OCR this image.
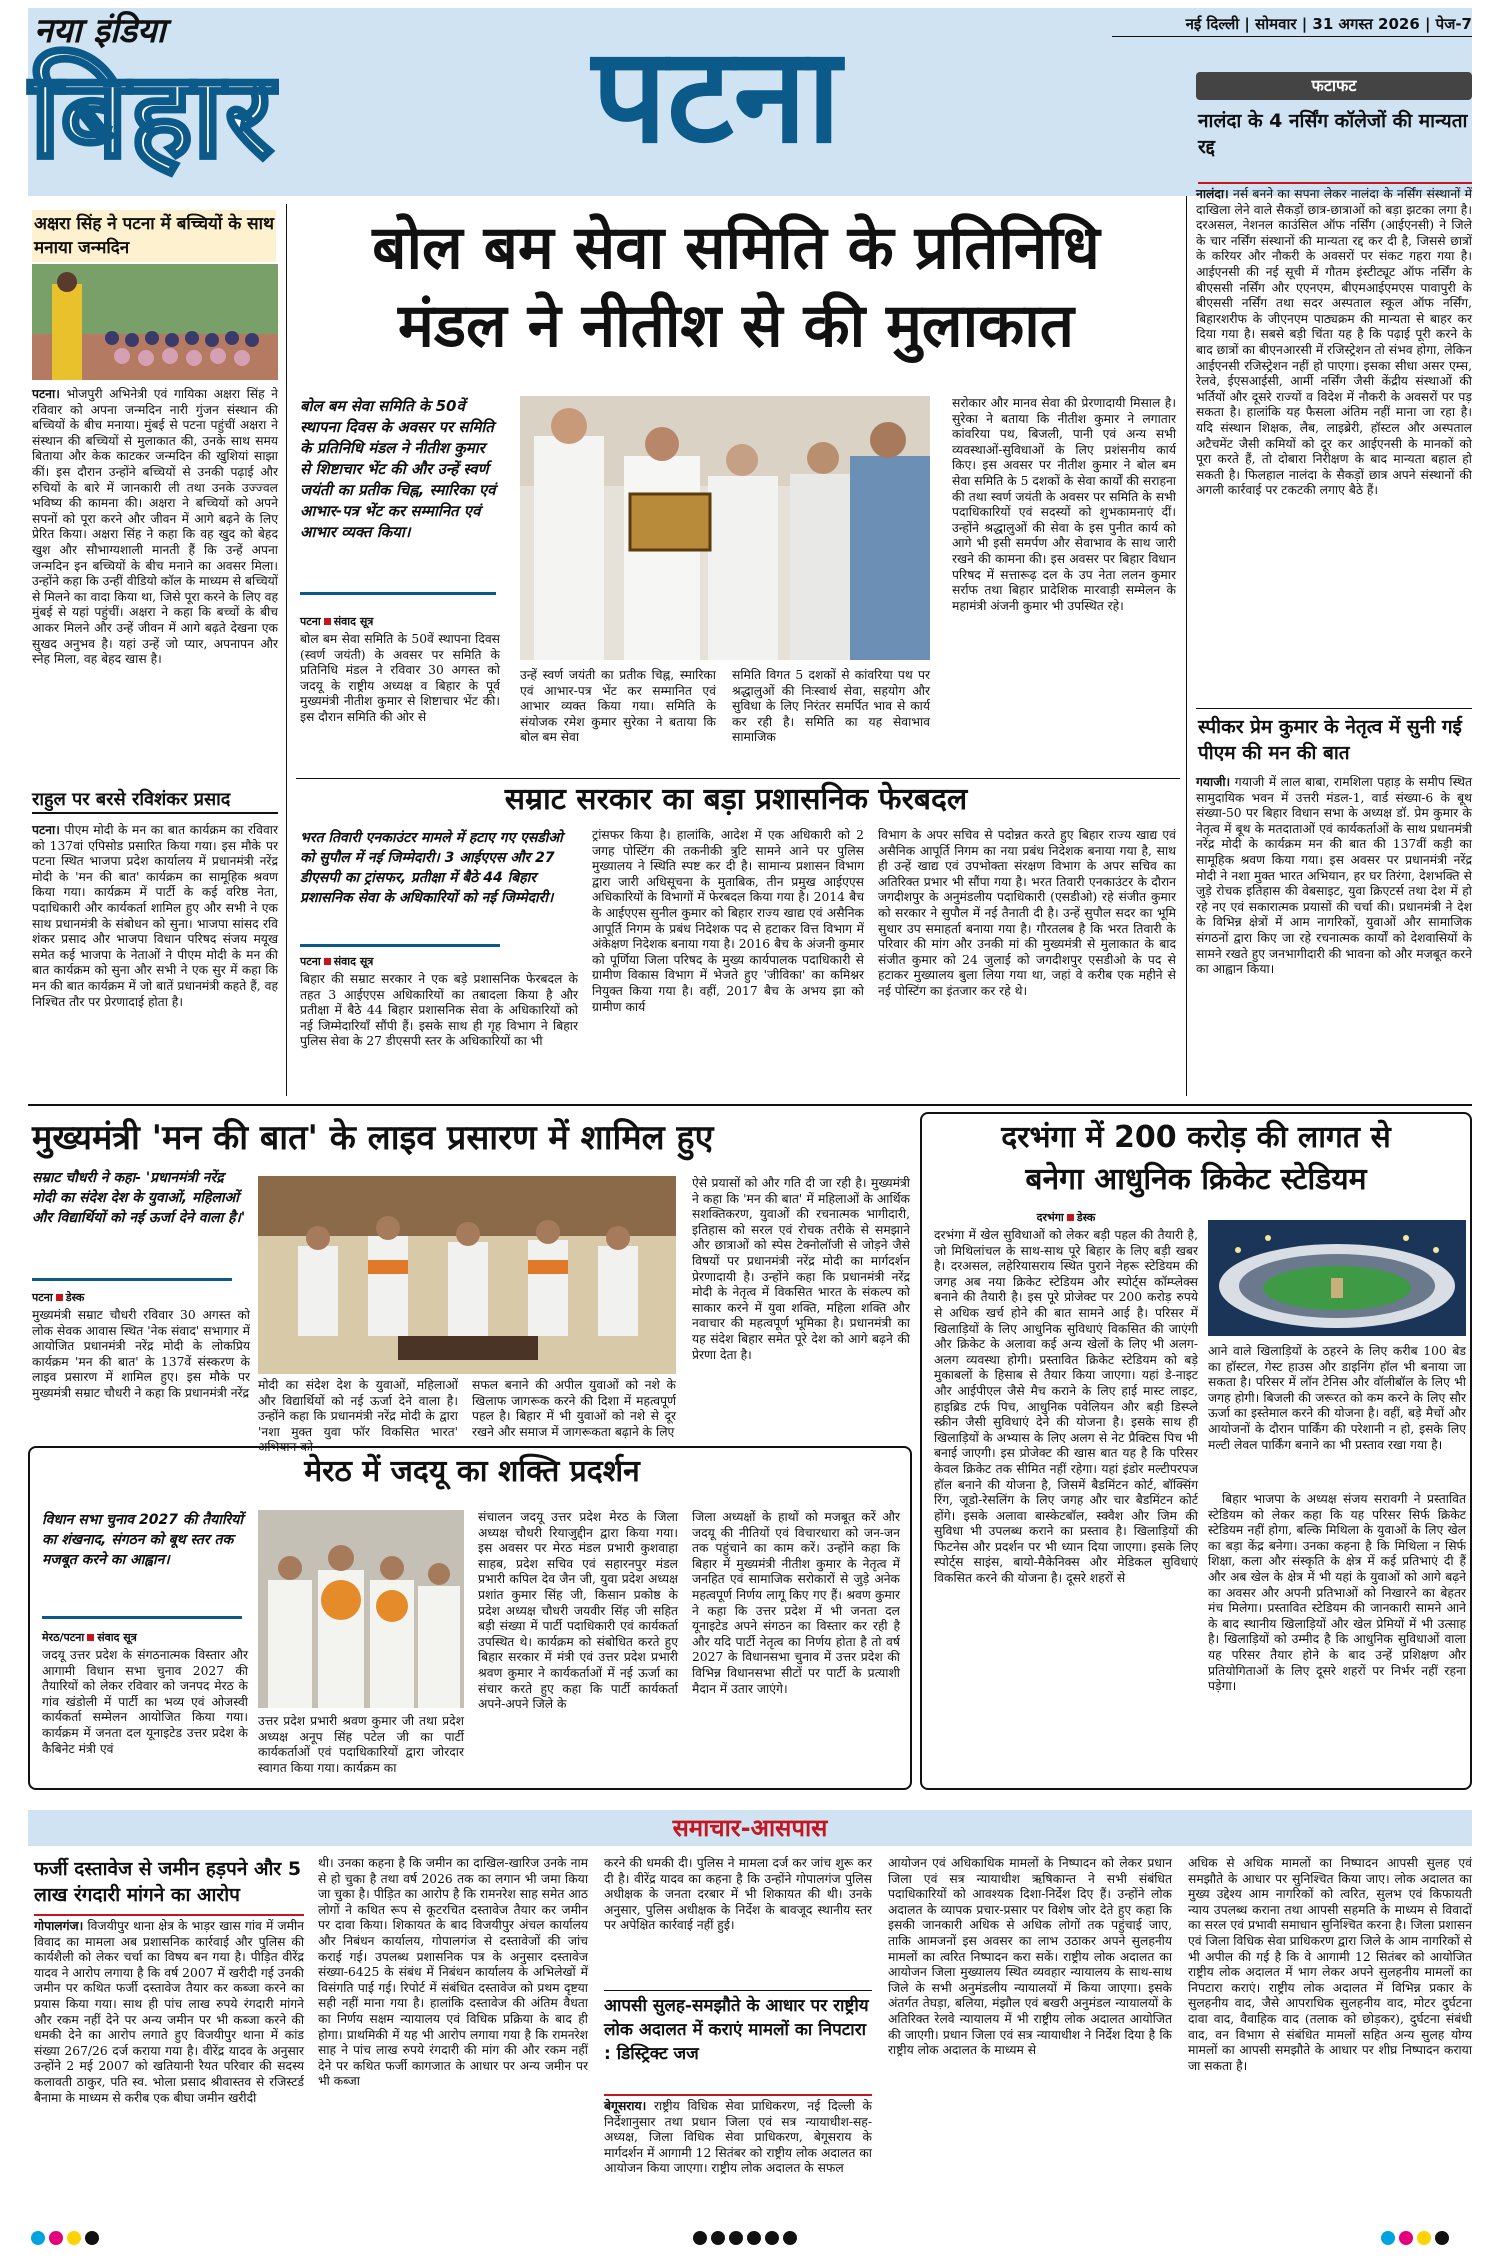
नया इंडिया
बिहार पटना	नई दिल्ली | सोमवार | 31 अगस्त 2026 | पेज-7
फटाफट
नालंदा के 4 नर्सिंग कॉलेजों की मान्यता रद्द
नालंदा। नर्स बनने का सपना लेकर नालंदा के नर्सिंग संस्थानों में दाखिला लेने वाले सैकड़ों छात्र-छात्राओं को बड़ा झटका लगा है। दरअसल, नेशनल काउंसिल ऑफ नर्सिंग (आईएनसी) ने जिले के चार नर्सिंग संस्थानों की मान्यता रद्द कर दी है, जिससे छात्रों के करियर और नौकरी के अवसरों पर संकट गहरा गया है। आईएनसी की नई सूची में गौतम इंस्टीट्यूट ऑफ नर्सिंग के बीएससी नर्सिंग और एएनएम, बीएमआईएमएस पावापुरी के बीएससी नर्सिंग तथा सदर अस्पताल स्कूल ऑफ नर्सिंग, बिहारशरीफ के जीएनएम पाठ्यक्रम की मान्यता से बाहर कर दिया गया है। सबसे बड़ी चिंता यह है कि पढ़ाई पूरी करने के बाद छात्रों का बीएनआरसी में रजिस्ट्रेशन तो संभव होगा, लेकिन आईएनसी रजिस्ट्रेशन नहीं हो पाएगा। इसका सीधा असर एम्स, रेलवे, ईएसआईसी, आर्मी नर्सिंग जैसी केंद्रीय संस्थाओं की भर्तियों और दूसरे राज्यों व विदेश में नौकरी के अवसरों पर पड़ सकता है। हालांकि यह फैसला अंतिम नहीं माना जा रहा है। यदि संस्थान शिक्षक, लैब, लाइब्रेरी, हॉस्टल और अस्पताल अटैचमेंट जैसी कमियों को दूर कर आईएनसी के मानकों को पूरा करते हैं, तो दोबारा निरीक्षण के बाद मान्यता बहाल हो सकती है। फिलहाल नालंदा के सैकड़ों छात्र अपने संस्थानों की अगली कार्रवाई पर टकटकी लगाए बैठे हैं।
स्पीकर प्रेम कुमार के नेतृत्व में सुनी गई पीएम की मन की बात
गयाजी। गयाजी में लाल बाबा, रामशिला पहाड़ के समीप स्थित सामुदायिक भवन में उत्तरी मंडल-1, वार्ड संख्या-6 के बूथ संख्या-50 पर बिहार विधान सभा के अध्यक्ष डॉ. प्रेम कुमार के नेतृत्व में बूथ के मतदाताओं एवं कार्यकर्ताओं के साथ प्रधानमंत्री नरेंद्र मोदी के कार्यक्रम मन की बात की 137वीं कड़ी का सामूहिक श्रवण किया गया। इस अवसर पर प्रधानमंत्री नरेंद्र मोदी ने नशा मुक्त भारत अभियान, हर घर तिरंगा, देशभक्ति से जुड़े रोचक इतिहास की वेबसाइट, युवा क्रिएटर्स तथा देश में हो रहे नए एवं सकारात्मक प्रयासों की चर्चा की। प्रधानमंत्री ने देश के विभिन्न क्षेत्रों में आम नागरिकों, युवाओं और सामाजिक संगठनों द्वारा किए जा रहे रचनात्मक कार्यों को देशवासियों के सामने रखते हुए जनभागीदारी की भावना को और मजबूत करने का आह्वान किया।
अक्षरा सिंह ने पटना में बच्चियों के साथ मनाया जन्मदिन
पटना। भोजपुरी अभिनेत्री एवं गायिका अक्षरा सिंह ने रविवार को अपना जन्मदिन नारी गुंजन संस्थान की बच्चियों के बीच मनाया। मुंबई से पटना पहुंचीं अक्षरा ने संस्थान की बच्चियों से मुलाकात की, उनके साथ समय बिताया और केक काटकर जन्मदिन की खुशियां साझा कीं। इस दौरान उन्होंने बच्चियों से उनकी पढ़ाई और रुचियों के बारे में जानकारी ली तथा उनके उज्ज्वल भविष्य की कामना की। अक्षरा ने बच्चियों को अपने सपनों को पूरा करने और जीवन में आगे बढ़ने के लिए प्रेरित किया। अक्षरा सिंह ने कहा कि वह खुद को बेहद खुश और सौभाग्यशाली मानती हैं कि उन्हें अपना जन्मदिन इन बच्चियों के बीच मनाने का अवसर मिला। उन्होंने कहा कि उन्हीं वीडियो कॉल के माध्यम से बच्चियों से मिलने का वादा किया था, जिसे पूरा करने के लिए वह मुंबई से यहां पहुंचीं। अक्षरा ने कहा कि बच्चों के बीच आकर मिलने और उन्हें जीवन में आगे बढ़ते देखना एक सुखद अनुभव है। यहां उन्हें जो प्यार, अपनापन और स्नेह मिला, वह बेहद खास है।
राहुल पर बरसे रविशंकर प्रसाद
पटना। पीएम मोदी के मन का बात कार्यक्रम का रविवार को 137वां एपिसोड प्रसारित किया गया। इस मौके पर पटना स्थित भाजपा प्रदेश कार्यालय में प्रधानमंत्री नरेंद्र मोदी के 'मन की बात' कार्यक्रम का सामूहिक श्रवण किया गया। कार्यक्रम में पार्टी के कई वरिष्ठ नेता, पदाधिकारी और कार्यकर्ता शामिल हुए और सभी ने एक साथ प्रधानमंत्री के संबोधन को सुना। भाजपा सांसद रवि शंकर प्रसाद और भाजपा विधान परिषद संजय मयूख समेत कई भाजपा के नेताओं ने पीएम मोदी के मन की बात कार्यक्रम को सुना और सभी ने एक सुर में कहा कि मन की बात कार्यक्रम में जो बातें प्रधानमंत्री कहते हैं, वह निश्चित तौर पर प्रेरणादाई होता है।
बोल बम सेवा समिति के प्रतिनिधि
मंडल ने नीतीश से की मुलाकात
बोल बम सेवा समिति के 50वें स्थापना दिवस के अवसर पर समिति के प्रतिनिधि मंडल ने नीतीश कुमार से शिष्टाचार भेंट की और उन्हें स्वर्ण जयंती का प्रतीक चिह्न, स्मारिका एवं आभार-पत्र भेंट कर सम्मानित एवं आभार व्यक्त किया।
पटना संवाद सूत्र
बोल बम सेवा समिति के 50वें स्थापना दिवस (स्वर्ण जयंती) के अवसर पर समिति के प्रतिनिधि मंडल ने रविवार 30 अगस्त को जदयू के राष्ट्रीय अध्यक्ष व बिहार के पूर्व मुख्यमंत्री नीतीश कुमार से शिष्टाचार भेंट की। इस दौरान समिति की ओर से
उन्हें स्वर्ण जयंती का प्रतीक चिह्न, स्मारिका एवं आभार-पत्र भेंट कर सम्मानित एवं आभार व्यक्त किया गया। समिति के संयोजक रमेश कुमार सुरेका ने बताया कि बोल बम सेवा
समिति विगत 5 दशकों से कांवरिया पथ पर श्रद्धालुओं की निःस्वार्थ सेवा, सहयोग और सुविधा के लिए निरंतर समर्पित भाव से कार्य कर रही है। समिति का यह सेवाभाव सामाजिक
सरोकार और मानव सेवा की प्रेरणादायी मिसाल है। सुरेका ने बताया कि नीतीश कुमार ने लगातार कांवरिया पथ, बिजली, पानी एवं अन्य सभी व्यवस्थाओं-सुविधाओं के लिए प्रशंसनीय कार्य किए। इस अवसर पर नीतीश कुमार ने बोल बम सेवा समिति के 5 दशकों के सेवा कार्यों की सराहना की तथा स्वर्ण जयंती के अवसर पर समिति के सभी पदाधिकारियों एवं सदस्यों को शुभकामनाएं दीं। उन्होंने श्रद्धालुओं की सेवा के इस पुनीत कार्य को आगे भी इसी समर्पण और सेवाभाव के साथ जारी रखने की कामना की। इस अवसर पर बिहार विधान परिषद में सत्तारूढ़ दल के उप नेता ललन कुमार सर्राफ तथा बिहार प्रादेशिक मारवाड़ी सम्मेलन के महामंत्री अंजनी कुमार भी उपस्थित रहे।
सम्राट सरकार का बड़ा प्रशासनिक फेरबदल
भरत तिवारी एनकाउंटर मामले में हटाए गए एसडीओ को सुपौल में नई जिम्मेदारी। 3 आईएएस और 27 डीएसपी का ट्रांसफर, प्रतीक्षा में बैठे 44 बिहार प्रशासनिक सेवा के अधिकारियों को नई जिम्मेदारी।
पटना संवाद सूत्र
बिहार की सम्राट सरकार ने एक बड़े प्रशासनिक फेरबदल के तहत 3 आईएएस अधिकारियों का तबादला किया है और प्रतीक्षा में बैठे 44 बिहार प्रशासनिक सेवा के अधिकारियों को नई जिम्मेदारियाँ सौंपी हैं। इसके साथ ही गृह विभाग ने बिहार पुलिस सेवा के 27 डीएसपी स्तर के अधिकारियों का भी
ट्रांसफर किया है। हालांकि, आदेश में एक अधिकारी को 2 जगह पोस्टिंग की तकनीकी त्रुटि सामने आने पर पुलिस मुख्यालय ने स्थिति स्पष्ट कर दी है। सामान्य प्रशासन विभाग द्वारा जारी अधिसूचना के मुताबिक, तीन प्रमुख आईएएस अधिकारियों के विभागों में फेरबदल किया गया है। 2014 बैच के आईएएस सुनील कुमार को बिहार राज्य खाद्य एवं असैनिक आपूर्ति निगम के प्रबंध निदेशक पद से हटाकर वित्त विभाग में अंकेक्षण निदेशक बनाया गया है। 2016 बैच के अंजनी कुमार को पूर्णिया जिला परिषद के मुख्य कार्यपालक पदाधिकारी से ग्रामीण विकास विभाग में भेजते हुए 'जीविका' का कमिश्नर नियुक्त किया गया है। वहीं, 2017 बैच के अभय झा को ग्रामीण कार्य
विभाग के अपर सचिव से पदोन्नत करते हुए बिहार राज्य खाद्य एवं असैनिक आपूर्ति निगम का नया प्रबंध निदेशक बनाया गया है, साथ ही उन्हें खाद्य एवं उपभोक्ता संरक्षण विभाग के अपर सचिव का अतिरिक्त प्रभार भी सौंपा गया है। भरत तिवारी एनकाउंटर के दौरान जगदीशपुर के अनुमंडलीय पदाधिकारी (एसडीओ) रहे संजीत कुमार को सरकार ने सुपौल में नई तैनाती दी है। उन्हें सुपौल सदर का भूमि सुधार उप समाहर्ता बनाया गया है। गौरतलब है कि भरत तिवारी के परिवार की मांग और उनकी मां की मुख्यमंत्री से मुलाकात के बाद संजीत कुमार को 24 जुलाई को जगदीशपुर एसडीओ के पद से हटाकर मुख्यालय बुला लिया गया था, जहां वे करीब एक महीने से नई पोस्टिंग का इंतजार कर रहे थे।
मुख्यमंत्री 'मन की बात' के लाइव प्रसारण में शामिल हुए
सम्राट चौधरी ने कहा- 'प्रधानमंत्री नरेंद्र मोदी का संदेश देश के युवाओं, महिलाओं और विद्यार्थियों को नई ऊर्जा देने वाला है।'
पटना डेस्क
मुख्यमंत्री सम्राट चौधरी रविवार 30 अगस्त को लोक सेवक आवास स्थित 'नेक संवाद' सभागार में आयोजित प्रधानमंत्री नरेंद्र मोदी के लोकप्रिय कार्यक्रम 'मन की बात' के 137वें संस्करण के लाइव प्रसारण में शामिल हुए। इस मौके पर मुख्यमंत्री सम्राट चौधरी ने कहा कि प्रधानमंत्री नरेंद्र
मोदी का संदेश देश के युवाओं, महिलाओं और विद्यार्थियों को नई ऊर्जा देने वाला है। उन्होंने कहा कि प्रधानमंत्री नरेंद्र मोदी के द्वारा 'नशा मुक्त युवा फॉर विकसित भारत' अभियान को
सफल बनाने की अपील युवाओं को नशे के खिलाफ जागरूक करने की दिशा में महत्वपूर्ण पहल है। बिहार में भी युवाओं को नशे से दूर रखने और समाज में जागरूकता बढ़ाने के लिए
ऐसे प्रयासों को और गति दी जा रही है। मुख्यमंत्री ने कहा कि 'मन की बात' में महिलाओं के आर्थिक सशक्तिकरण, युवाओं की रचनात्मक भागीदारी, इतिहास को सरल एवं रोचक तरीके से समझाने और छात्राओं को स्पेस टेक्नोलॉजी से जोड़ने जैसे विषयों पर प्रधानमंत्री नरेंद्र मोदी का मार्गदर्शन प्रेरणादायी है। उन्होंने कहा कि प्रधानमंत्री नरेंद्र मोदी के नेतृत्व में विकसित भारत के संकल्प को साकार करने में युवा शक्ति, महिला शक्ति और नवाचार की महत्वपूर्ण भूमिका है। प्रधानमंत्री का यह संदेश बिहार समेत पूरे देश को आगे बढ़ने की प्रेरणा देता है।
मेरठ में जदयू का शक्ति प्रदर्शन
विधान सभा चुनाव 2027 की तैयारियों का शंखनाद, संगठन को बूथ स्तर तक मजबूत करने का आह्वान।
मेरठ/पटना संवाद सूत्र
जदयू उत्तर प्रदेश के संगठनात्मक विस्तार और आगामी विधान सभा चुनाव 2027 की तैयारियों को लेकर रविवार को जनपद मेरठ के गांव खंडोली में पार्टी का भव्य एवं ओजस्वी कार्यकर्ता सम्मेलन आयोजित किया गया। कार्यक्रम में जनता दल यूनाइटेड उत्तर प्रदेश के कैबिनेट मंत्री एवं
उत्तर प्रदेश प्रभारी श्रवण कुमार जी तथा प्रदेश अध्यक्ष अनूप सिंह पटेल जी का पार्टी कार्यकर्ताओं एवं पदाधिकारियों द्वारा जोरदार स्वागत किया गया। कार्यक्रम का
संचालन जदयू उत्तर प्रदेश मेरठ के जिला अध्यक्ष चौधरी रियाजुद्दीन द्वारा किया गया। इस अवसर पर मेरठ मंडल प्रभारी कुशवाहा साहब, प्रदेश सचिव एवं सहारनपुर मंडल प्रभारी कपिल देव जैन जी, युवा प्रदेश अध्यक्ष प्रशांत कुमार सिंह जी, किसान प्रकोष्ठ के प्रदेश अध्यक्ष चौधरी जयवीर सिंह जी सहित बड़ी संख्या में पार्टी पदाधिकारी एवं कार्यकर्ता उपस्थित थे। कार्यक्रम को संबोधित करते हुए बिहार सरकार में मंत्री एवं उत्तर प्रदेश प्रभारी श्रवण कुमार ने कार्यकर्ताओं में नई ऊर्जा का संचार करते हुए कहा कि पार्टी कार्यकर्ता अपने-अपने जिले के
जिला अध्यक्षों के हाथों को मजबूत करें और जदयू की नीतियों एवं विचारधारा को जन-जन तक पहुंचाने का काम करें। उन्होंने कहा कि बिहार में मुख्यमंत्री नीतीश कुमार के नेतृत्व में जनहित एवं सामाजिक सरोकारों से जुड़े अनेक महत्वपूर्ण निर्णय लागू किए गए हैं। श्रवण कुमार ने कहा कि उत्तर प्रदेश में भी जनता दल यूनाइटेड अपने संगठन का विस्तार कर रही है और यदि पार्टी नेतृत्व का निर्णय होता है तो वर्ष 2027 के विधानसभा चुनाव में उत्तर प्रदेश की विभिन्न विधानसभा सीटों पर पार्टी के प्रत्याशी मैदान में उतार जाएंगे।
दरभंगा में 200 करोड़ की लागत से
बनेगा आधुनिक क्रिकेट स्टेडियम
दरभंगा डेस्क
दरभंगा में खेल सुविधाओं को लेकर बड़ी पहल की तैयारी है, जो मिथिलांचल के साथ-साथ पूरे बिहार के लिए बड़ी खबर है। दरअसल, लहेरियासराय स्थित पुराने नेहरू स्टेडियम की जगह अब नया क्रिकेट स्टेडियम और स्पोर्ट्स कॉम्प्लेक्स बनाने की तैयारी है। इस पूरे प्रोजेक्ट पर 200 करोड़ रुपये से अधिक खर्च होने की बात सामने आई है। परिसर में खिलाड़ियों के लिए आधुनिक सुविधाएं विकसित की जाएंगी और क्रिकेट के अलावा कई अन्य खेलों के लिए भी अलग-अलग व्यवस्था होगी। प्रस्तावित क्रिकेट स्टेडियम को बड़े मुकाबलों के हिसाब से तैयार किया जाएगा। यहां डे-नाइट और आईपीएल जैसे मैच कराने के लिए हाई मास्ट लाइट, हाइब्रिड टर्फ पिच, आधुनिक पवेलियन और बड़ी डिस्प्ले स्क्रीन जैसी सुविधाएं देने की योजना है। इसके साथ ही खिलाड़ियों के अभ्यास के लिए अलग से नेट प्रैक्टिस पिच भी बनाई जाएगी। इस प्रोजेक्ट की खास बात यह है कि परिसर केवल क्रिकेट तक सीमित नहीं रहेगा। यहां इंडोर मल्टीपरपज हॉल बनाने की योजना है, जिसमें बैडमिंटन कोर्ट, बॉक्सिंग रिंग, जूडो-रेसलिंग के लिए जगह और चार बैडमिंटन कोर्ट होंगे। इसके अलावा बास्केटबॉल, स्क्वैश और जिम की सुविधा भी उपलब्ध कराने का प्रस्ताव है। खिलाड़ियों की फिटनेस और प्रदर्शन पर भी ध्यान दिया जाएगा। इसके लिए स्पोर्ट्स साइंस, बायो-मैकेनिक्स और मेडिकल सुविधाएं विकसित करने की योजना है। दूसरे शहरों से
आने वाले खिलाड़ियों के ठहरने के लिए करीब 100 बेड का हॉस्टल, गेस्ट हाउस और डाइनिंग हॉल भी बनाया जा सकता है। परिसर में लॉन टेनिस और वॉलीबॉल के लिए भी जगह होगी। बिजली की जरूरत को कम करने के लिए सौर ऊर्जा का इस्तेमाल करने की योजना है। वहीं, बड़े मैचों और आयोजनों के दौरान पार्किंग की परेशानी न हो, इसके लिए मल्टी लेवल पार्किंग बनाने का भी प्रस्ताव रखा गया है।
बिहार भाजपा के अध्यक्ष संजय सरावगी ने प्रस्तावित स्टेडियम को लेकर कहा कि यह परिसर सिर्फ क्रिकेट स्टेडियम नहीं होगा, बल्कि मिथिला के युवाओं के लिए खेल का बड़ा केंद्र बनेगा। उनका कहना है कि मिथिला न सिर्फ शिक्षा, कला और संस्कृति के क्षेत्र में कई प्रतिभाएं दी हैं और अब खेल के क्षेत्र में भी यहां के युवाओं को आगे बढ़ने का अवसर और अपनी प्रतिभाओं को निखारने का बेहतर मंच मिलेगा। प्रस्तावित स्टेडियम की जानकारी सामने आने के बाद स्थानीय खिलाड़ियों और खेल प्रेमियों में भी उत्साह है। खिलाड़ियों को उम्मीद है कि आधुनिक सुविधाओं वाला यह परिसर तैयार होने के बाद उन्हें प्रशिक्षण और प्रतियोगिताओं के लिए दूसरे शहरों पर निर्भर नहीं रहना पड़ेगा।
समाचार-आसपास
फर्जी दस्तावेज से जमीन हड़पने और 5 लाख रंगदारी मांगने का आरोप
गोपालगंज। विजयीपुर थाना क्षेत्र के भाड़र खास गांव में जमीन विवाद का मामला अब प्रशासनिक कार्रवाई और पुलिस की कार्यशैली को लेकर चर्चा का विषय बन गया है। पीड़ित वीरेंद्र यादव ने आरोप लगाया है कि वर्ष 2007 में खरीदी गई उनकी जमीन पर कथित फर्जी दस्तावेज तैयार कर कब्जा करने का प्रयास किया गया। साथ ही पांच लाख रुपये रंगदारी मांगने और रकम नहीं देने पर अन्य जमीन पर भी कब्जा करने की धमकी देने का आरोप लगाते हुए विजयीपुर थाना में कांड संख्या 267/26 दर्ज कराया गया है। वीरेंद्र यादव के अनुसार उन्होंने 2 मई 2007 को खतियानी रैयत परिवार की सदस्य कलावती ठाकुर, पति स्व. भोला प्रसाद श्रीवास्तव से रजिस्टर्ड बैनामा के माध्यम से करीब एक बीघा जमीन खरीदी
थी। उनका कहना है कि जमीन का दाखिल-खारिज उनके नाम से हो चुका है तथा वर्ष 2026 तक का लगान भी जमा किया जा चुका है। पीड़ित का आरोप है कि रामनरेश साह समेत आठ लोगों ने कथित रूप से कूटरचित दस्तावेज तैयार कर जमीन पर दावा किया। शिकायत के बाद विजयीपुर अंचल कार्यालय और निबंधन कार्यालय, गोपालगंज से दस्तावेजों की जांच कराई गई। उपलब्ध प्रशासनिक पत्र के अनुसार दस्तावेज संख्या-6425 के संबंध में निबंधन कार्यालय के अभिलेखों में विसंगति पाई गई। रिपोर्ट में संबंधित दस्तावेज को प्रथम दृष्टया सही नहीं माना गया है। हालांकि दस्तावेज की अंतिम वैधता का निर्णय सक्षम न्यायालय एवं विधिक प्रक्रिया के बाद ही होगा। प्राथमिकी में यह भी आरोप लगाया गया है कि रामनरेश साह ने पांच लाख रुपये रंगदारी की मांग की और रकम नहीं देने पर कथित फर्जी कागजात के आधार पर अन्य जमीन पर भी कब्जा
करने की धमकी दी। पुलिस ने मामला दर्ज कर जांच शुरू कर दी है। वीरेंद्र यादव का कहना है कि उन्होंने गोपालगंज पुलिस अधीक्षक के जनता दरबार में भी शिकायत की थी। उनके अनुसार, पुलिस अधीक्षक के निर्देश के बावजूद स्थानीय स्तर पर अपेक्षित कार्रवाई नहीं हुई।
आपसी सुलह-समझौते के आधार पर राष्ट्रीय लोक अदालत में कराएं मामलों का निपटारा : डिस्ट्रिक्ट जज
बेगूसराय। राष्ट्रीय विधिक सेवा प्राधिकरण, नई दिल्ली के निर्देशानुसार तथा प्रधान जिला एवं सत्र न्यायाधीश-सह-अध्यक्ष, जिला विधिक सेवा प्राधिकरण, बेगूसराय के मार्गदर्शन में आगामी 12 सितंबर को राष्ट्रीय लोक अदालत का आयोजन किया जाएगा। राष्ट्रीय लोक अदालत के सफल
आयोजन एवं अधिकाधिक मामलों के निष्पादन को लेकर प्रधान जिला एवं सत्र न्यायाधीश ऋषिकान्त ने सभी संबंधित पदाधिकारियों को आवश्यक दिशा-निर्देश दिए हैं। उन्होंने लोक अदालत के व्यापक प्रचार-प्रसार पर विशेष जोर देते हुए कहा कि इसकी जानकारी अधिक से अधिक लोगों तक पहुंचाई जाए, ताकि आमजनों इस अवसर का लाभ उठाकर अपने सुलहनीय मामलों का त्वरित निष्पादन करा सकें। राष्ट्रीय लोक अदालत का आयोजन जिला मुख्यालय स्थित व्यवहार न्यायालय के साथ-साथ जिले के सभी अनुमंडलीय न्यायालयों में किया जाएगा। इसके अंतर्गत तेघड़ा, बलिया, मंझौल एवं बखरी अनुमंडल न्यायालयों के अतिरिक्त रेलवे न्यायालय में भी राष्ट्रीय लोक अदालत आयोजित की जाएगी। प्रधान जिला एवं सत्र न्यायाधीश ने निर्देश दिया है कि राष्ट्रीय लोक अदालत के माध्यम से
अधिक से अधिक मामलों का निष्पादन आपसी सुलह एवं समझौते के आधार पर सुनिश्चित किया जाए। लोक अदालत का मुख्य उद्देश्य आम नागरिकों को त्वरित, सुलभ एवं किफायती न्याय उपलब्ध कराना तथा आपसी सहमति के माध्यम से विवादों का सरल एवं प्रभावी समाधान सुनिश्चित करना है। जिला प्रशासन एवं जिला विधिक सेवा प्राधिकरण द्वारा जिले के आम नागरिकों से भी अपील की गई है कि वे आगामी 12 सितंबर को आयोजित राष्ट्रीय लोक अदालत में भाग लेकर अपने सुलहनीय मामलों का निपटारा कराएं। राष्ट्रीय लोक अदालत में विभिन्न प्रकार के सुलहनीय वाद, जैसे आपराधिक सुलहनीय वाद, मोटर दुर्घटना दावा वाद, वैवाहिक वाद (तलाक को छोड़कर), दुर्घटना संबंधी वाद, वन विभाग से संबंधित मामलों सहित अन्य सुलह योग्य मामलों का आपसी समझौते के आधार पर शीघ्र निष्पादन कराया जा सकता है।
